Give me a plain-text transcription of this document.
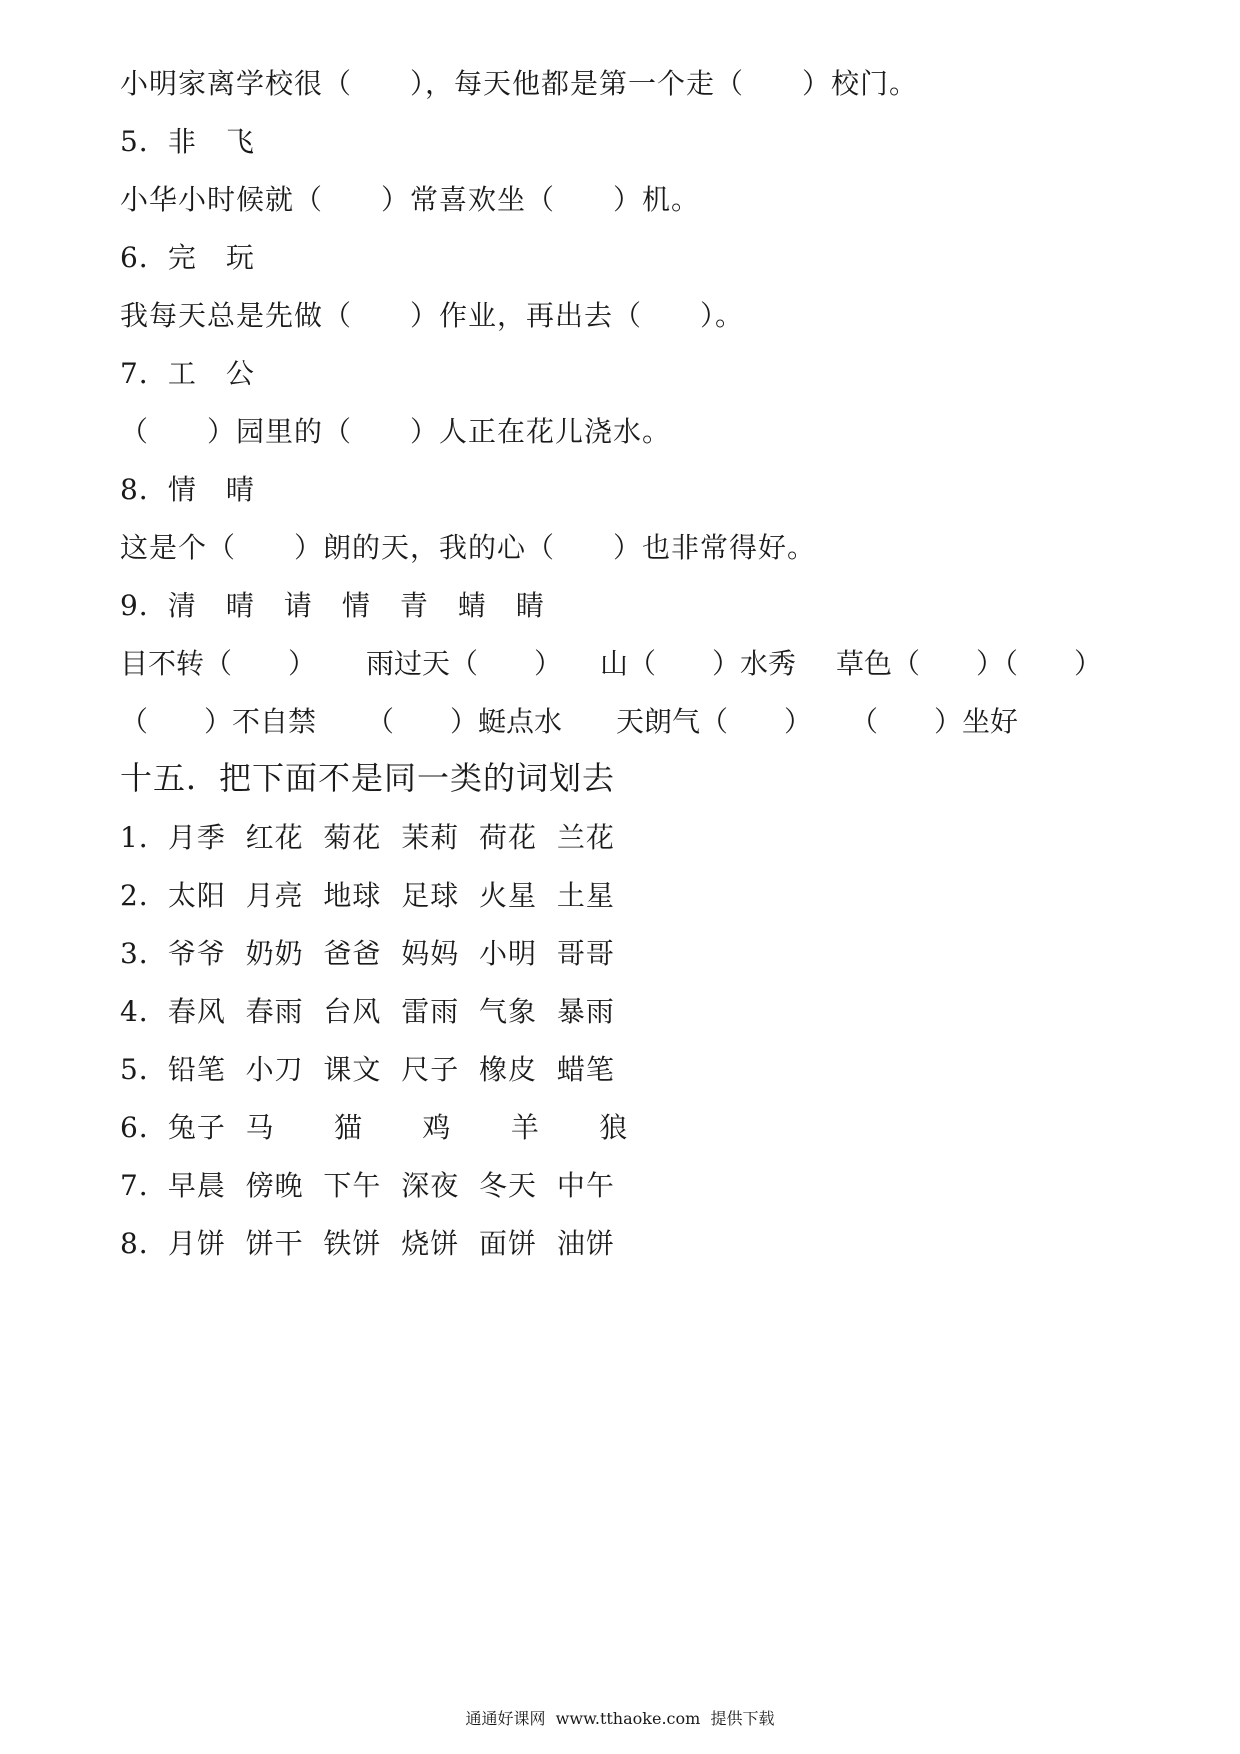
小明家离学校很（　　），每天他都是第一个走（　　）校门。
5．非　飞
小华小时候就（　　）常喜欢坐（　　）机。
6．完　玩
我每天总是先做（　　）作业，再出去（　　）。
7．工　公
（　　）园里的（　　）人正在花儿浇水。
8．情　晴
这是个（　　）朗的天，我的心（　　）也非常得好。
9．清　晴　请　情　青　蜻　睛

目不转（　　）

雨过天（　　）

山（　　）水秀

草色（　　）（　　）

（　　）不自禁

（　　）蜓点水

天朗气（　　）

（　　）坐好

十五．把下面不是同一类的词划去
1．月季  红花  菊花  茉莉  荷花  兰花
2．太阳  月亮  地球  足球  火星  土星
3．爷爷  奶奶  爸爸  妈妈  小明  哥哥
4．春风  春雨  台风  雷雨  气象  暴雨
5．铅笔  小刀  课文  尺子  橡皮  蜡笔
6．兔子  马      猫      鸡      羊      狼
7．早晨  傍晚  下午  深夜  冬天  中午
8．月饼  饼干  铁饼  烧饼  面饼  油饼
通通好课网  www.tthaoke.com  提供下载
